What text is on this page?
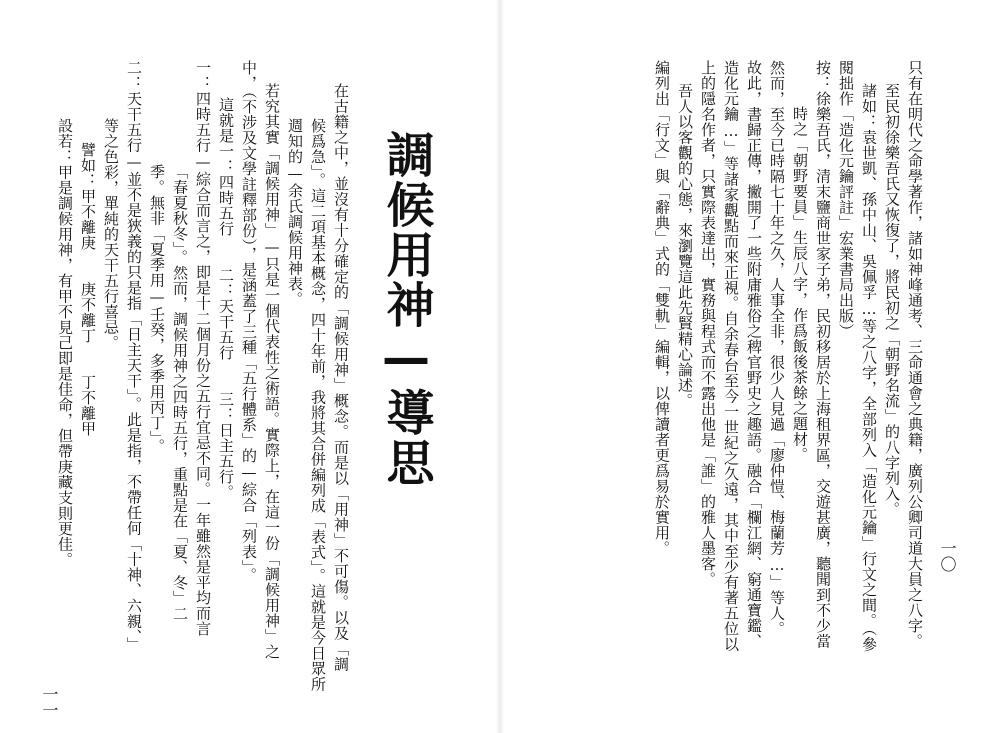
一一
調候用神—導思
在古籍之中，並沒有十分確定的「調候用神」概念。而是以「用神」不可傷。以及「調
候爲急」。這二項基本概念，四十年前，我將其合併編列成「表式」。這就是今日眾所
週知的—余氏調候用神表。
若究其實「調候用神」—只是一個代表性之術語。實際上，在這一份「調候用神」之
中，（不涉及文學註釋部份），是涵蓋了三種「五行體系」的—綜合「列表」。
這就是一：四時五行　　二：天干五行　　三：日主五行。
一：四時五行—綜合而言之，即是十二個月份之五行宜忌不同。一年雖然是平均而言
「春夏秋冬」。然而，調候用神之四時五行，重點是在「夏、冬」二
季。無非「夏季用—壬癸，多季用丙丁」。
二：天干五行—並不是狹義的只是指「日主天干」。此是指，不帶任何「十神、六親、」
等之色彩，單純的天干五行喜忌。
譬如：甲不離庚　　庚不離丁　　丁不離甲
設若：甲是調候用神，有甲不見己即是佳命，但帶庚藏支則更佳。	一〇
只有在明代之命學著作，諸如神峰通考、三命通會之典籍，廣列公卿司道大員之八字。
至民初徐樂吾氏又恢復了，將民初之「朝野名流」的八字列入。
諸如：袁世凱、孫中山、吳佩孚…等之八字，全部列入「造化元鑰」行文之間。（參
閱拙作「造化元鑰評註」宏業書局出版）
按：徐樂吾氏，清末鹽商世家子弟，民初移居於上海租界區，交遊甚廣，聽聞到不少當
時之「朝野要員」生辰八字，作爲飯後茶餘之題材。
然而，至今已時隔七十年之久，人事全非，很少人見過「廖仲愷、梅蘭芳…」等人。
故此，書歸正傳，撇開了一些附庸雅俗之稗官野史之趣語。融合「欄江網、窮通寶鑑、
造化元鑰…」等諸家觀點而來正視。自余春台至今一世紀之久遠，其中至少有著五位以
上的隱名作者，只實際表達出，實務與程式而不露出他是「誰」的雅人墨客。
吾人以客觀的心態，來瀏覽這此先賢精心論述。
編列出「行文」與「辭典」式的「雙軌」編輯，以俾讀者更爲易於實用。
